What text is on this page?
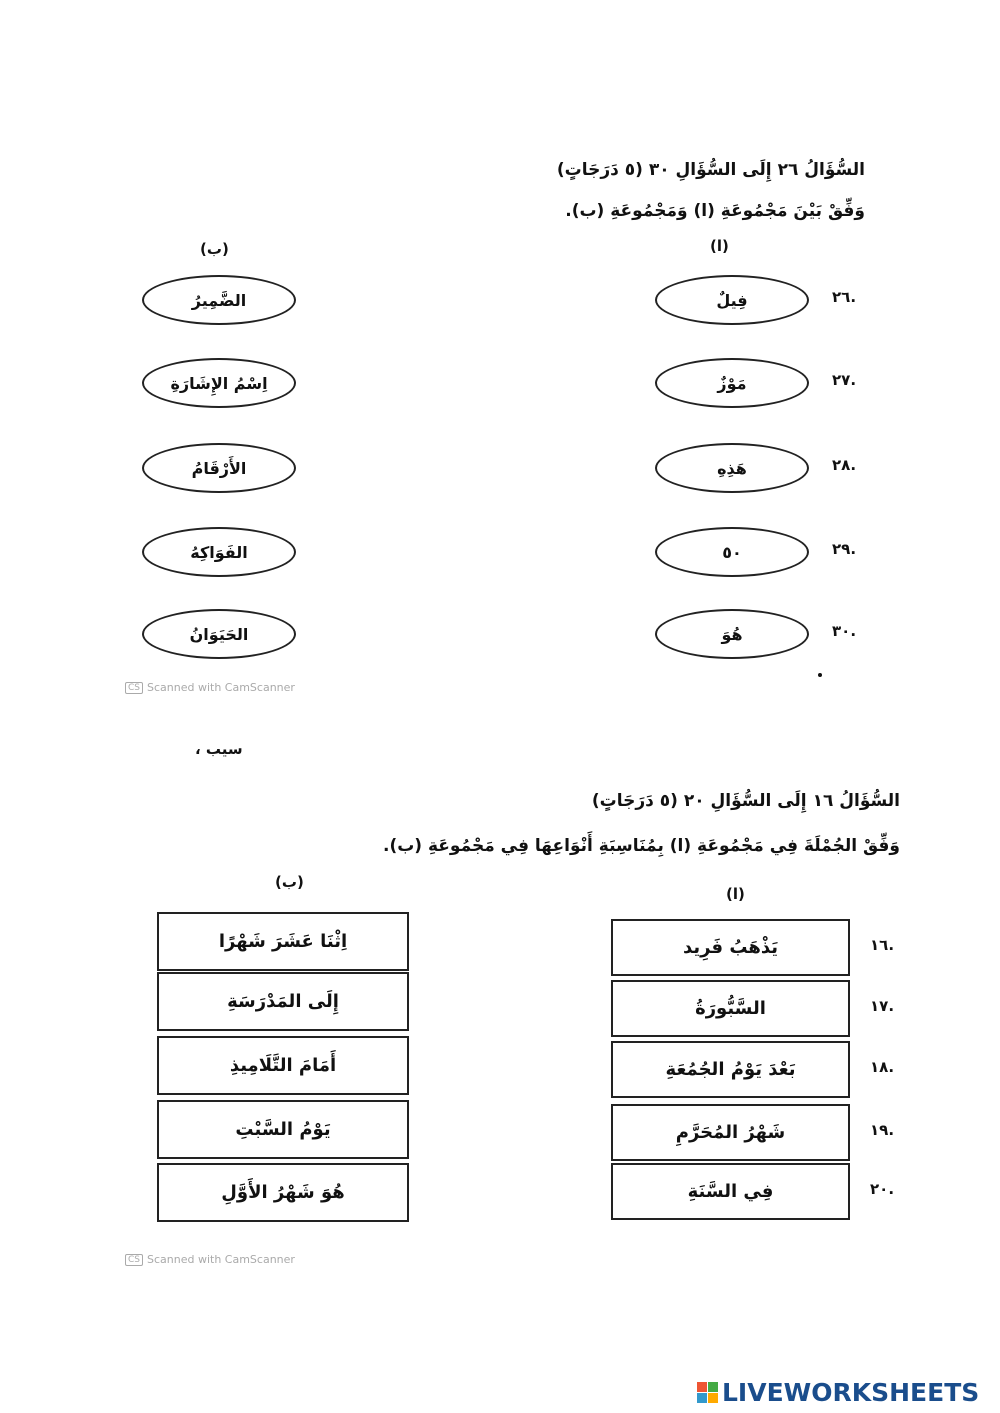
السُّؤَالُ ٢٦ إِلَى السُّؤَالِ ٣٠ (٥ دَرَجَاتٍ)
وَفِّقْ بَيْنَ مَجْمُوعَةِ (ا) وَمَجْمُوعَةِ (ب).
(ب)	(ا)
.٢٦
فِيلٌ
الضَّمِيرُ
.٢٧
مَوْزٌ
اِسْمُ الإِشَارَةِ
.٢٨
هَذِهِ
الأَرْقَامُ
.٢٩
٥٠
الفَوَاكِهُ
.٣٠
هُوَ
الحَيَوَانُ
CS Scanned with CamScanner
سيب ،
السُّؤَالُ ١٦ إِلَى السُّؤَالِ ٢٠ (٥ دَرَجَاتٍ)
وَفِّقْ الجُمْلَةَ فِي مَجْمُوعَةِ (ا) بِمُنَاسِبَةِ أَنْوَاعِهَا فِي مَجْمُوعَةِ (ب).
(ب)
(ا)
.١٦
يَذْهَبُ فَرِيد
اِثْنَا عَشَرَ شَهْرًا
.١٧
السَّبُّورَةُ
إِلَى المَدْرَسَةِ
.١٨
بَعْدَ يَوْمُ الجُمُعَةِ
أَمَامَ التَّلَامِيذِ
.١٩
شَهْرُ المُحَرَّمِ
يَوْمُ السَّبْتِ
.٢٠
فِي السَّنَةِ
هُوَ شَهْرُ الأَوَّلِ
CS Scanned with CamScanner
LIVEWORKSHEETS
